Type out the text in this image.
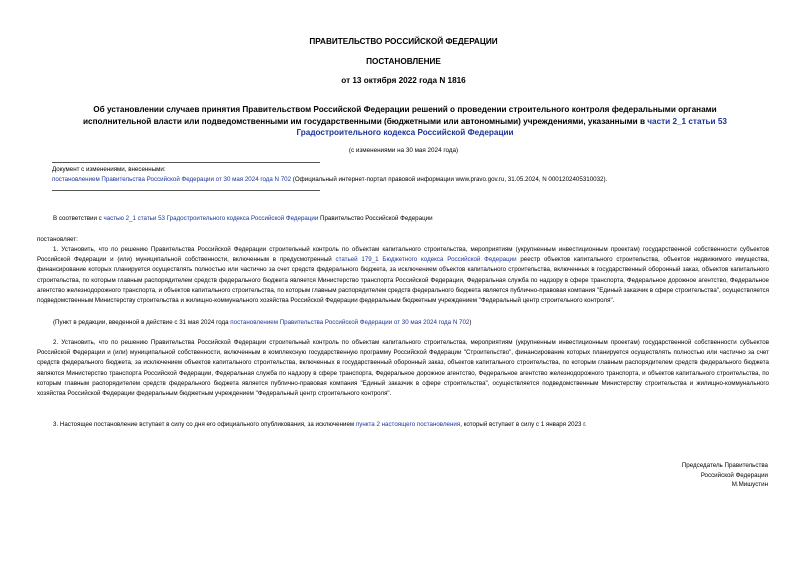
ПРАВИТЕЛЬСТВО РОССИЙСКОЙ ФЕДЕРАЦИИ
ПОСТАНОВЛЕНИЕ
от 13 октября 2022 года N 1816
Об установлении случаев принятия Правительством Российской Федерации решений о проведении строительного контроля федеральными органами исполнительной власти или подведомственными им государственными (бюджетными или автономными) учреждениями, указанными в части 2_1 статьи 53 Градостроительного кодекса Российской Федерации
(с изменениями на 30 мая 2024 года)
Документ с изменениями, внесенными:
постановлением Правительства Российской Федерации от 30 мая 2024 года N 702 (Официальный интернет-портал правовой информации www.pravo.gov.ru, 31.05.2024, N 0001202405310032).
В соответствии с частью 2_1 статьи 53 Градостроительного кодекса Российской Федерации Правительство Российской Федерации
постановляет:
1. Установить, что по решению Правительства Российской Федерации строительный контроль по объектам капитального строительства, мероприятиям (укрупненным инвестиционным проектам) государственной собственности субъектов Российской Федерации и (или) муниципальной собственности, включенным в предусмотренный статьей 179_1 Бюджетного кодекса Российской Федерации реестр объектов капитального строительства, объектов недвижимого имущества, финансирование которых планируется осуществлять полностью или частично за счет средств федерального бюджета, за исключением объектов капитального строительства, включенных в государственный оборонный заказ, объектов капитального строительства, по которым главным распорядителем средств федерального бюджета является Министерство транспорта Российской Федерации, Федеральная служба по надзору в сфере транспорта, Федеральное дорожное агентство, Федеральное агентство железнодорожного транспорта, и объектов капитального строительства, по которым главным распорядителем средств федерального бюджета является публично-правовая компания "Единый заказчик в сфере строительства", осуществляется подведомственным Министерству строительства и жилищно-коммунального хозяйства Российской Федерации федеральным бюджетным учреждением "Федеральный центр строительного контроля".
(Пункт в редакции, введенной в действие с 31 мая 2024 года постановлением Правительства Российской Федерации от 30 мая 2024 года N 702)
2. Установить, что по решению Правительства Российской Федерации строительный контроль по объектам капитального строительства, мероприятиям (укрупненным инвестиционным проектам) государственной собственности субъектов Российской Федерации и (или) муниципальной собственности, включенным в комплексную государственную программу Российской Федерации "Строительство", финансирование которых планируется осуществлять полностью или частично за счет средств федерального бюджета, за исключением объектов капитального строительства, включенных в государственный оборонный заказ, объектов капитального строительства, по которым главным распорядителем средств федерального бюджета являются Министерство транспорта Российской Федерации, Федеральная служба по надзору в сфере транспорта, Федеральное дорожное агентство, Федеральное агентство железнодорожного транспорта, и объектов капитального строительства, по которым главным распорядителем средств федерального бюджета является публично-правовая компания "Единый заказчик в сфере строительства", осуществляется подведомственным Министерству строительства и жилищно-коммунального хозяйства Российской Федерации федеральным бюджетным учреждением "Федеральный центр строительного контроля".
3. Настоящее постановление вступает в силу со дня его официального опубликования, за исключением пункта 2 настоящего постановления, который вступает в силу с 1 января 2023 г.
Председатель Правительства
Российской Федерации
М.Мишустин
